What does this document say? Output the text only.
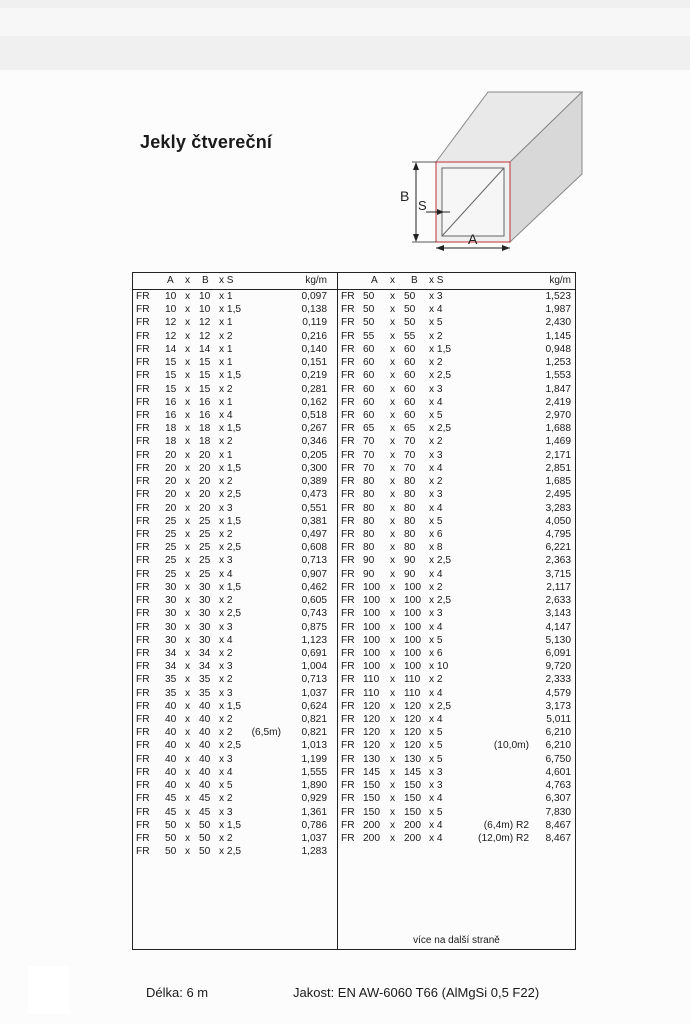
Jekly čtvereční
B
S
A
A x B x S	kg/m
FR 10 x 10 x 1	0,097
FR 10 x 10 x 1,5	0,138
FR 12 x 12 x 1	0,119
FR 12 x 12 x 2	0,216
FR 14 x 14 x 1	0,140
FR 15 x 15 x 1	0,151
FR 15 x 15 x 1,5	0,219
FR 15 x 15 x 2	0,281
FR 16 x 16 x 1	0,162
FR 16 x 16 x 4	0,518
FR 18 x 18 x 1,5	0,267
FR 18 x 18 x 2	0,346
FR 20 x 20 x 1	0,205
FR 20 x 20 x 1,5	0,300
FR 20 x 20 x 2	0,389
FR 20 x 20 x 2,5	0,473
FR 20 x 20 x 3	0,551
FR 25 x 25 x 1,5	0,381
FR 25 x 25 x 2	0,497
FR 25 x 25 x 2,5	0,608
FR 25 x 25 x 3	0,713
FR 25 x 25 x 4	0,907
FR 30 x 30 x 1,5	0,462
FR 30 x 30 x 2	0,605
FR 30 x 30 x 2,5	0,743
FR 30 x 30 x 3	0,875
FR 30 x 30 x 4	1,123
FR 34 x 34 x 2	0,691
FR 34 x 34 x 3	1,004
FR 35 x 35 x 2	0,713
FR 35 x 35 x 3	1,037
FR 40 x 40 x 1,5	0,624
FR 40 x 40 x 2	0,821
FR 40 x 40 x 2 (6,5m) 0,821
FR 40 x 40 x 2,5	1,013
FR 40 x 40 x 3	1,199
FR 40 x 40 x 4	1,555
FR 40 x 40 x 5	1,890
FR 45 x 45 x 2	0,929
FR 45 x 45 x 3	1,361
FR 50 x 50 x 1,5	0,786
FR 50 x 50 x 2	1,037
FR 50 x 50 x 2,5	1,283
A x B x S	kg/m
FR 50 x 50 x 3	1,523
FR 50 x 50 x 4	1,987
FR 50 x 50 x 5	2,430
FR 55 x 55 x 2	1,145
FR 60 x 60 x 1,5	0,948
FR 60 x 60 x 2	1,253
FR 60 x 60 x 2,5	1,553
FR 60 x 60 x 3	1,847
FR 60 x 60 x 4	2,419
FR 60 x 60 x 5	2,970
FR 65 x 65 x 2,5	1,688
FR 70 x 70 x 2	1,469
FR 70 x 70 x 3	2,171
FR 70 x 70 x 4	2,851
FR 80 x 80 x 2	1,685
FR 80 x 80 x 3	2,495
FR 80 x 80 x 4	3,283
FR 80 x 80 x 5	4,050
FR 80 x 80 x 6	4,795
FR 80 x 80 x 8	6,221
FR 90 x 90 x 2,5	2,363
FR 90 x 90 x 4	3,715
FR 100 x 100 x 2	2,117
FR 100 x 100 x 2,5	2,633
FR 100 x 100 x 3	3,143
FR 100 x 100 x 4	4,147
FR 100 x 100 x 5	5,130
FR 100 x 100 x 6	6,091
FR 100 x 100 x 10	9,720
FR 110 x 110 x 2	2,333
FR 110 x 110 x 4	4,579
FR 120 x 120 x 2,5	3,173
FR 120 x 120 x 4	5,011
FR 120 x 120 x 5	6,210
FR 120 x 120 x 5	(10,0m) 6,210
FR 130 x 130 x 5	6,750
FR 145 x 145 x 3	4,601
FR 150 x 150 x 3	4,763
FR 150 x 150 x 4	6,307
FR 150 x 150 x 5	7,830
FR 200 x 200 x 4	(6,4m) R2 8,467
FR 200 x 200 x 4	(12,0m) R2 8,467
více na další straně
Délka: 6 m	Jakost: EN AW-6060 T66 (AlMgSi 0,5 F22)
